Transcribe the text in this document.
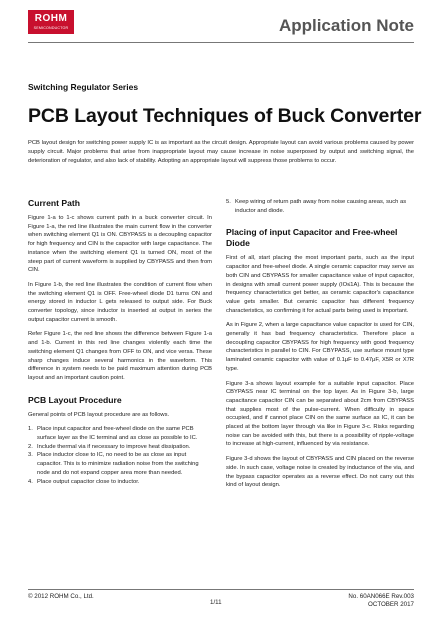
ROHM
SEMICONDUCTOR	Application Note
Switching Regulator Series
PCB Layout Techniques of Buck Converter
PCB layout design for switching power supply IC is as important as the circuit design. Appropriate layout can avoid various problems caused by power supply circuit. Major problems that arise from inappropriate layout may cause increase in noise superposed by output and switching signal, the deterioration of regulator, and also lack of stability. Adopting an appropriate layout will suppress those problems to occur.
Current Path
Figure 1-a to 1-c shows current path in a buck converter circuit. In Figure 1-a, the red line illustrates the main current flow in the converter when switching element Q1 is ON. CBYPASS is a decoupling capacitor for high frequency and CIN is the capacitor with large capacitance. The instance when the switching element Q1 is turned ON, most of the steep part of current waveform is supplied by CBYPASS and then from CIN.
In Figure 1-b, the red line illustrates the condition of current flow when the switching element Q1 is OFF. Free-wheel diode D1 turns ON and energy stored in inductor L gets released to output side. For Buck converter topology, since inductor is inserted at output in series the output capacitor current is smooth.
Refer Figure 1-c, the red line shows the difference between Figure 1-a and 1-b. Current in this red line changes violently each time the switching element Q1 changes from OFF to ON, and vice versa. These sharp changes induce several harmonics in the waveform. This difference in system needs to be paid maximum attention during PCB layout and an important caution point.
PCB Layout Procedure
General points of PCB layout procedure are as follows.
1. Place input capacitor and free-wheel diode on the same PCB surface layer as the IC terminal and as close as possible to IC.
2. Include thermal via if necessary to improve heat dissipation.
3. Place inductor close to IC, no need to be as close as input capacitor. This is to minimize radiation noise from the switching node and do not expand copper area more than needed.
4. Place output capacitor close to inductor.
5. Keep wiring of return path away from noise causing areas, such as inductor and diode.
Placing of input Capacitor and Free-wheel Diode
First of all, start placing the most important parts, such as the input capacitor and free-wheel diode. A single ceramic capacitor may serve as both CIN and CBYPASS for smaller capacitance value of input capacitor, in designs with small current power supply (IO≤1A). This is because the frequency characteristics get better, as ceramic capacitor's capacitance value gets smaller. But ceramic capacitor has different frequency characteristics, so confirming it for actual parts being used is important.
As in Figure 2, when a large capacitance value capacitor is used for CIN, generally it has bad frequency characteristics. Therefore place a decoupling capacitor CBYPASS for high frequency with good frequency characteristics in parallel to CIN. For CBYPASS, use surface mount type laminated ceramic capacitor with value of 0.1μF to 0.47μF, X5R or X7R type.
Figure 3-a shows layout example for a suitable input capacitor. Place CBYPASS near IC terminal on the top layer. As in Figure 3-b, large capacitance capacitor CIN can be separated about 2cm from CBYPASS that supplies most of the pulse-current. When difficulty in space occupied, and if cannot place CIN on the same surface as IC, it can be placed at the bottom layer through via like in Figure 3-c. Risks regarding noise can be avoided with this, but there is a possibility of ripple-voltage to increase at high-current, influenced by via resistance.
Figure 3-d shows the layout of CBYPASS and CIN placed on the reverse side. In such case, voltage noise is created by inductance of the via, and the bypass capacitor operates as a reverse effect. Do not carry out this kind of layout design.
© 2012 ROHM Co., Ltd.
1/11
No. 60AN066E Rev.003
OCTOBER 2017
